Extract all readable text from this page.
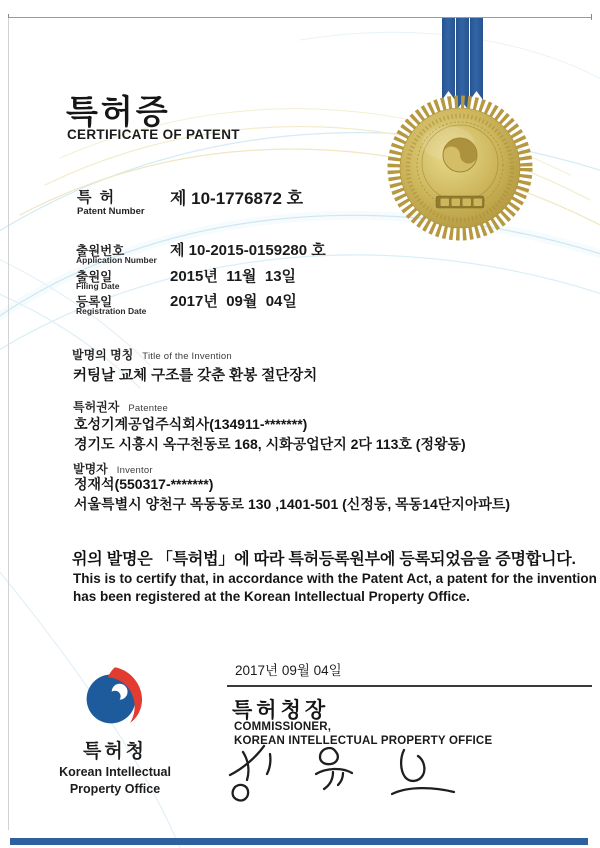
특허증
CERTIFICATE OF PATENT
특 허
Patent Number
제 10-1776872 호
출원번호
Application Number
제 10-2015-0159280 호
출원일
Filing Date
2015년  11월  13일
등록일
Registration Date
2017년  09월  04일
발명의 명칭 Title of the Invention
커팅날 교체 구조를 갖춘 환봉 절단장치
특허권자 Patentee
호성기계공업주식회사(134911-*******)
경기도 시흥시 옥구천동로 168, 시화공업단지 2다 113호 (정왕동)
발명자 Inventor
정재석(550317-*******)
서울특별시 양천구 목동동로 130 ,1401-501 (신정동, 목동14단지아파트)
위의 발명은 「특허법」에 따라 특허등록원부에 등록되었음을 증명합니다.
This is to certify that, in accordance with the Patent Act, a patent for the invention
has been registered at the Korean Intellectual Property Office.
2017년 09월 04일
특허청장
COMMISSIONER,
KOREAN INTELLECTUAL PROPERTY OFFICE
특허청
Korean Intellectual
Property Office
